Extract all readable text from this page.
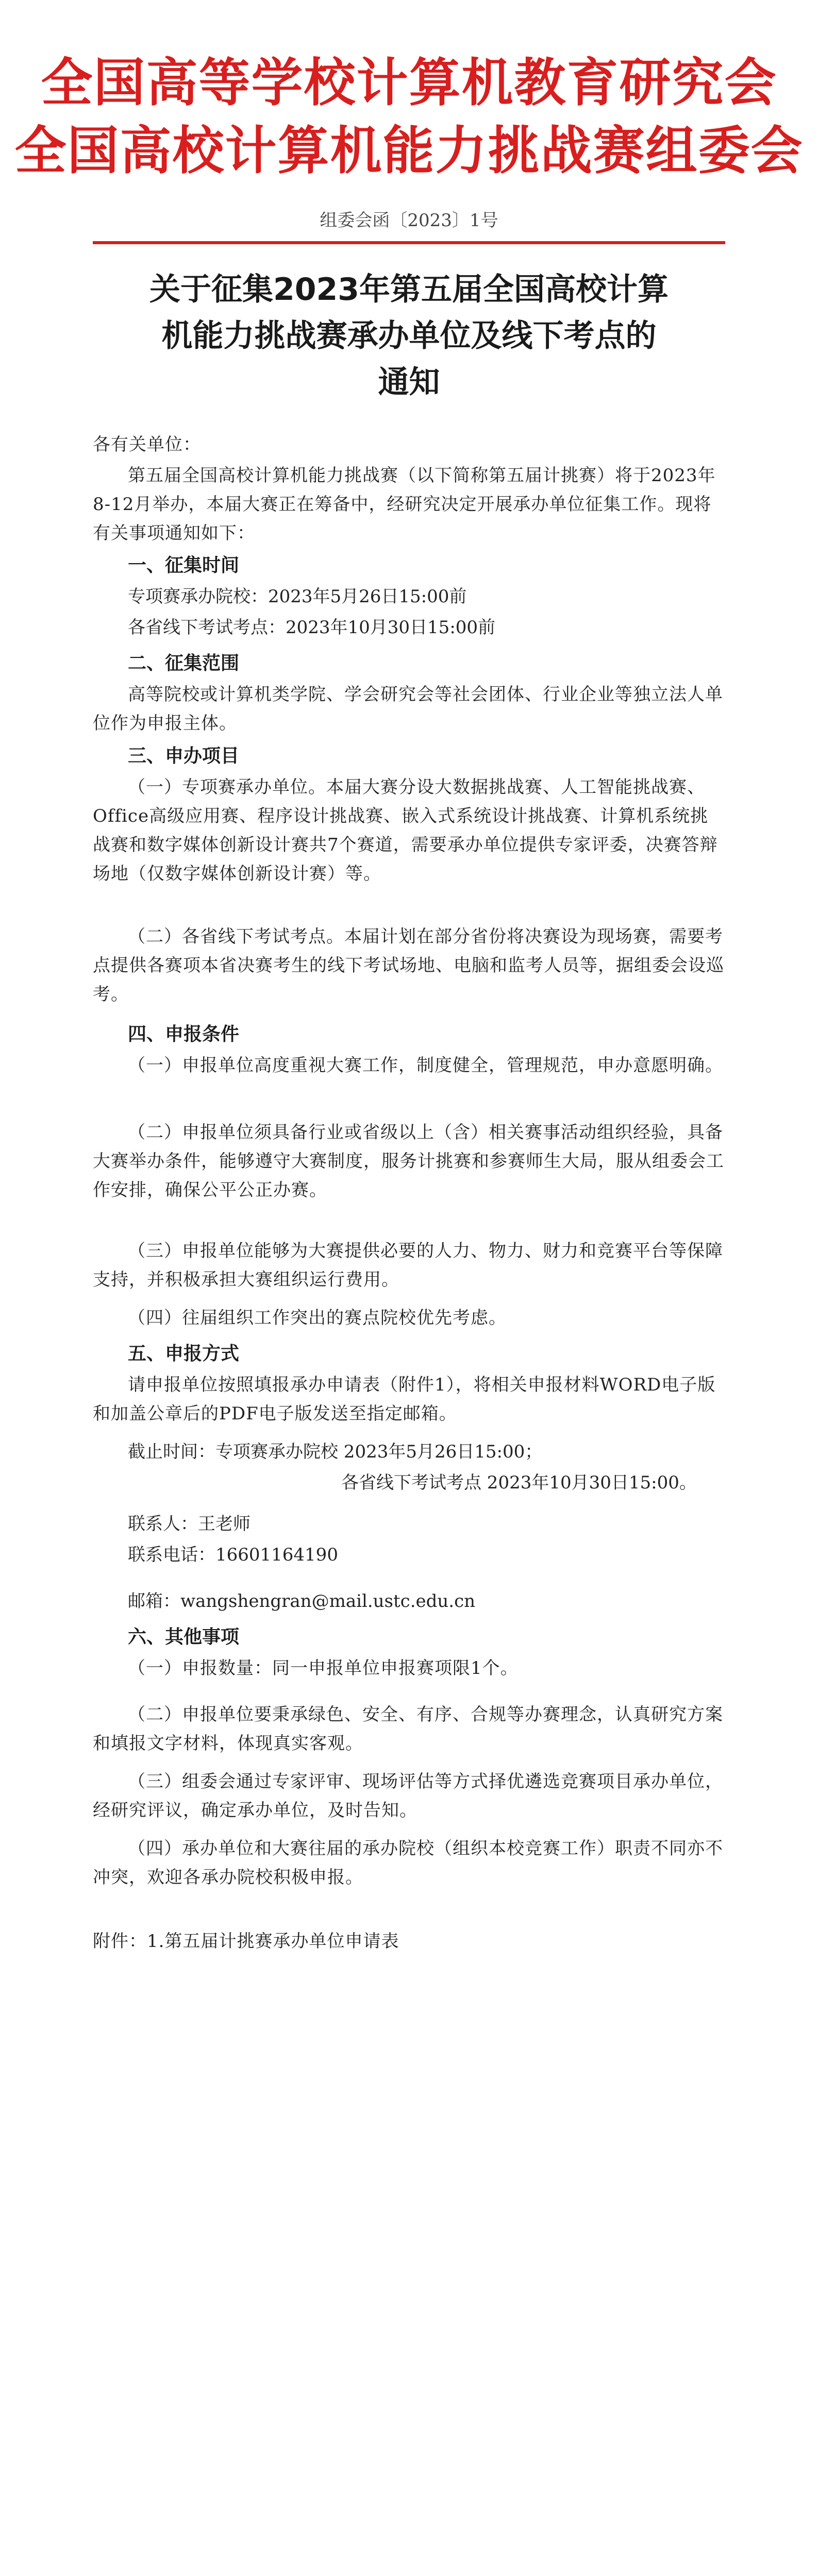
全国高等学校计算机教育研究会
全国高校计算机能力挑战赛组委会
组委会函〔2023〕1号
关于征集2023年第五届全国高校计算
机能力挑战赛承办单位及线下考点的
通知
各有关单位：
第五届全国高校计算机能力挑战赛（以下简称第五届计挑赛）将于2023年8-12月举办，本届大赛正在筹备中，经研究决定开展承办单位征集工作。现将有关事项通知如下：
一、征集时间
专项赛承办院校：2023年5月26日15:00前
各省线下考试考点：2023年10月30日15:00前
二、征集范围
高等院校或计算机类学院、学会研究会等社会团体、行业企业等独立法人单位作为申报主体。
三、申办项目
（一）专项赛承办单位。本届大赛分设大数据挑战赛、人工智能挑战赛、Office高级应用赛、程序设计挑战赛、嵌入式系统设计挑战赛、计算机系统挑战赛和数字媒体创新设计赛共7个赛道，需要承办单位提供专家评委，决赛答辩场地（仅数字媒体创新设计赛）等。
（二）各省线下考试考点。本届计划在部分省份将决赛设为现场赛，需要考点提供各赛项本省决赛考生的线下考试场地、电脑和监考人员等，据组委会设巡考。
四、申报条件
（一）申报单位高度重视大赛工作，制度健全，管理规范，申办意愿明确。
（二）申报单位须具备行业或省级以上（含）相关赛事活动组织经验，具备大赛举办条件，能够遵守大赛制度，服务计挑赛和参赛师生大局，服从组委会工作安排，确保公平公正办赛。
（三）申报单位能够为大赛提供必要的人力、物力、财力和竞赛平台等保障支持，并积极承担大赛组织运行费用。
（四）往届组织工作突出的赛点院校优先考虑。
五、申报方式
请申报单位按照填报承办申请表（附件1），将相关申报材料WORD电子版和加盖公章后的PDF电子版发送至指定邮箱。
截止时间：专项赛承办院校 2023年5月26日15:00；
各省线下考试考点 2023年10月30日15:00。
联系人：王老师
联系电话：16601164190
邮箱：wangshengran@mail.ustc.edu.cn
六、其他事项
（一）申报数量：同一申报单位申报赛项限1个。
（二）申报单位要秉承绿色、安全、有序、合规等办赛理念，认真研究方案和填报文字材料，体现真实客观。
（三）组委会通过专家评审、现场评估等方式择优遴选竞赛项目承办单位，经研究评议，确定承办单位，及时告知。
（四）承办单位和大赛往届的承办院校（组织本校竞赛工作）职责不同亦不冲突，欢迎各承办院校积极申报。
附件：1.第五届计挑赛承办单位申请表
